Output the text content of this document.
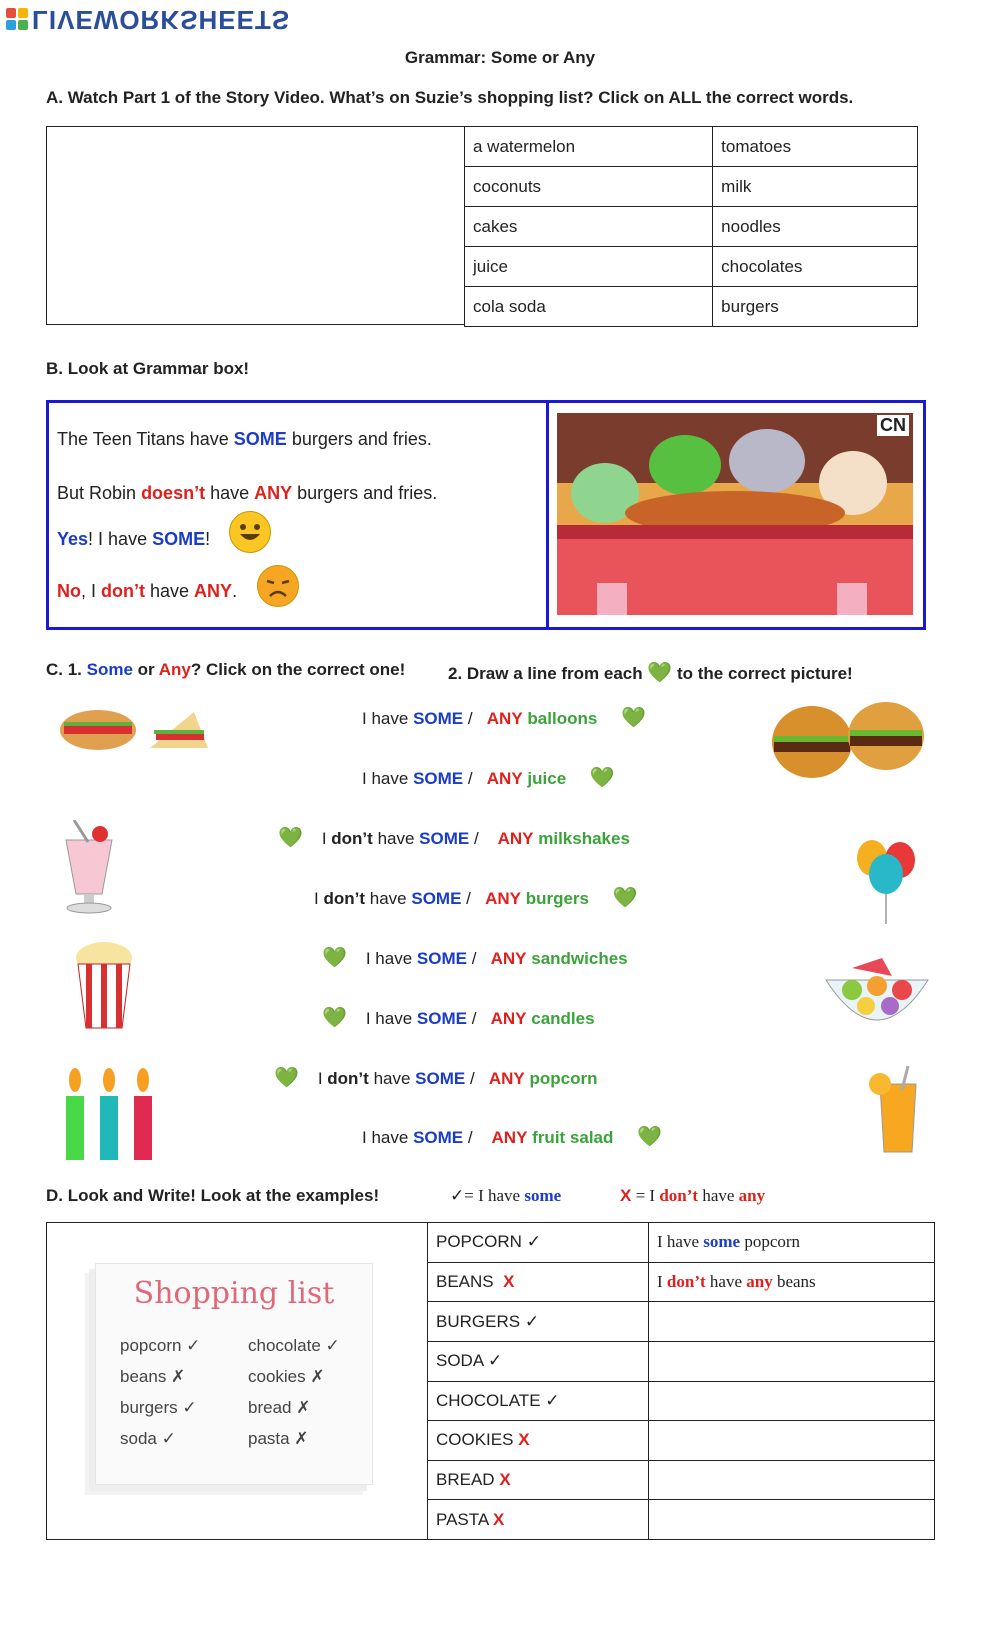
LIVEWORKSHEETS
Grammar: Some or Any
A. Watch Part 1 of the Story Video. What’s on Suzie’s shopping list? Click on ALL the correct words.
a watermelon	tomatoes
coconuts	milk
cakes	noodles
juice	chocolates
cola soda	burgers
B. Look at Grammar box!
The Teen Titans have SOME burgers and fries.
But Robin doesn’t have ANY burgers and fries.
Yes! I have SOME!
No, I don’t have ANY.
CN
C. 1. Some or Any? Click on the correct one!	2. Draw a line from each 💚 to the correct picture!
I have SOME / ANY balloons 💚
I have SOME / ANY juice 💚
💚 I don’t have SOME / ANY milkshakes
I don’t have SOME / ANY burgers 💚
💚 I have SOME / ANY sandwiches
💚 I have SOME / ANY candles
💚 I don’t have SOME / ANY popcorn
I have SOME / ANY fruit salad 💚
D. Look and Write! Look at the examples!	✓= I have some	X = I don’t have any
Shopping list
popcorn ✓
beans ✗
burgers ✓
soda ✓
chocolate ✓
cookies ✗
bread ✗
pasta ✗
POPCORN ✓	I have some popcorn
BEANS X	I don’t have any beans
BURGERS ✓	
SODA ✓	
CHOCOLATE ✓	
COOKIES X	
BREAD X	
PASTA X	
